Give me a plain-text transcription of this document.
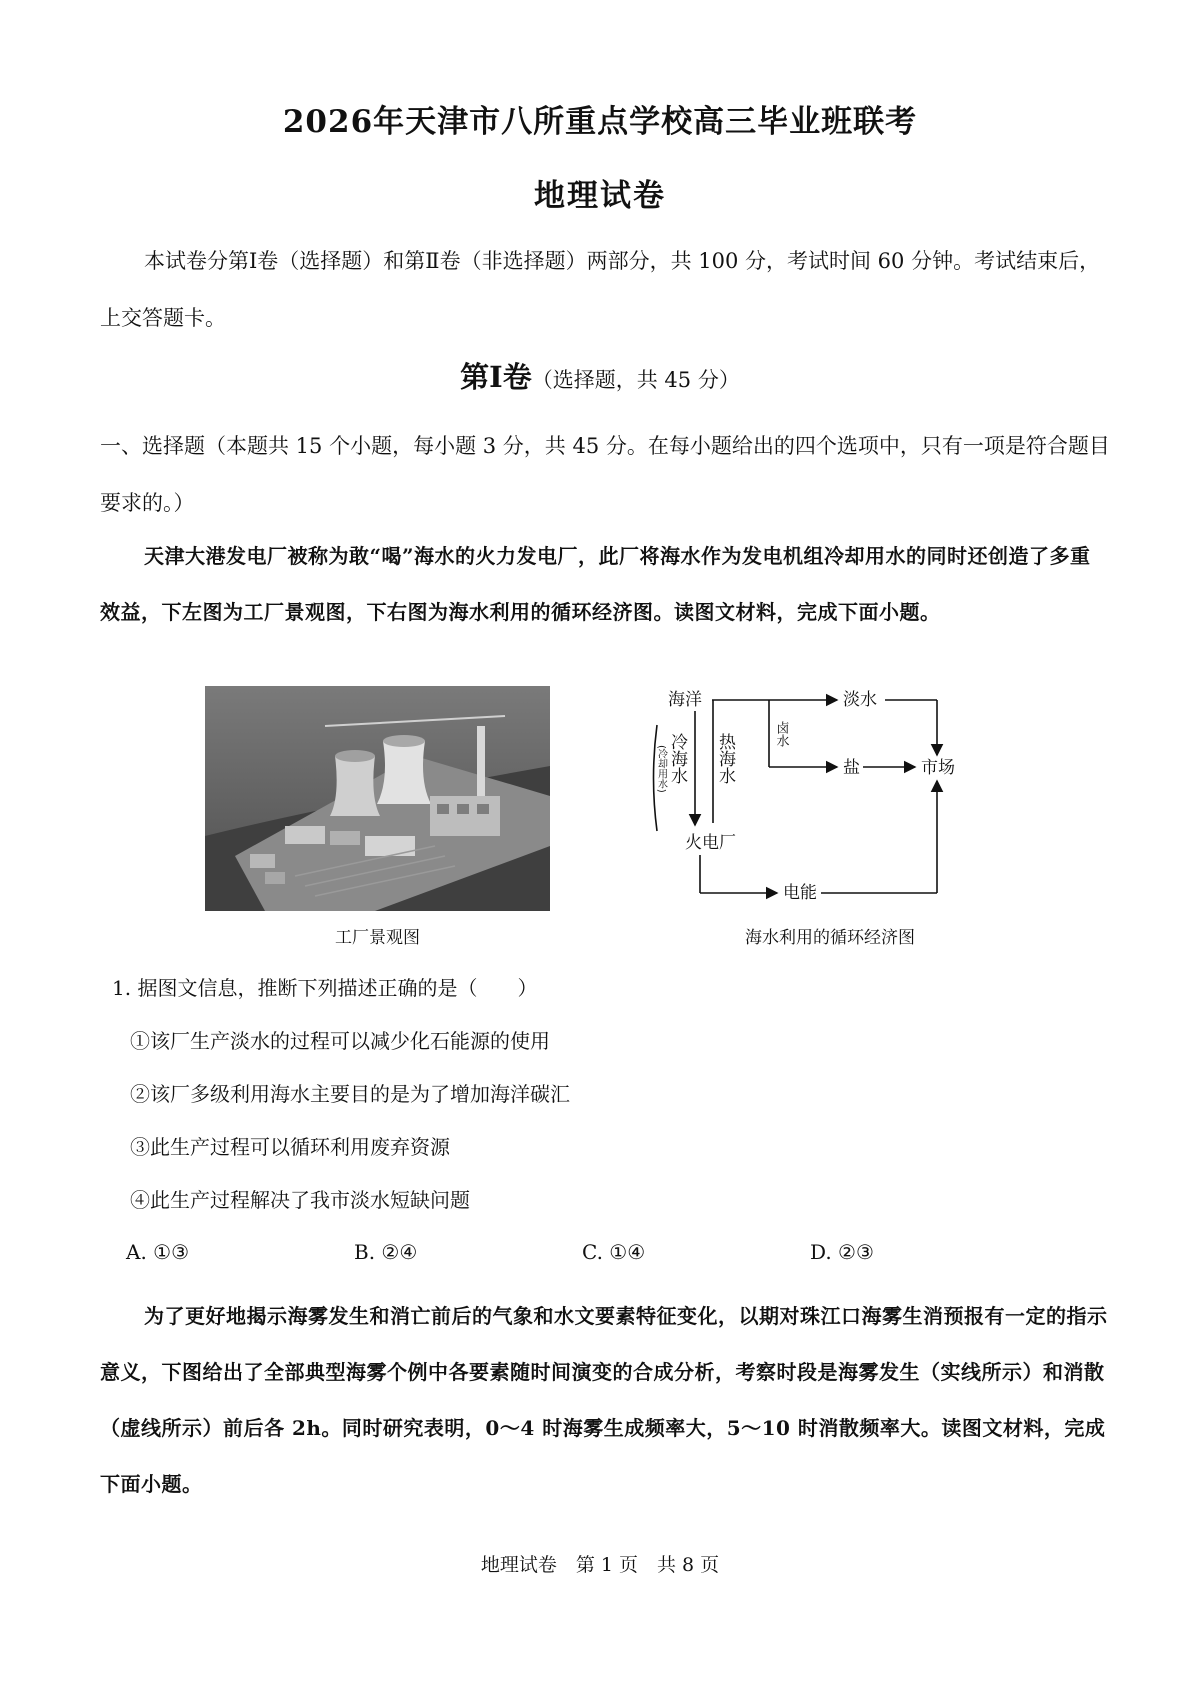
2026年天津市八所重点学校高三毕业班联考
地理试卷
本试卷分第Ⅰ卷（选择题）和第Ⅱ卷（非选择题）两部分，共 100 分，考试时间 60 分钟。考试结束后，上交答题卡。
第Ⅰ卷（选择题，共 45 分）
一、选择题（本题共 15 个小题，每小题 3 分，共 45 分。在每小题给出的四个选项中，只有一项是符合题目要求的。）
天津大港发电厂被称为敢“喝”海水的火力发电厂，此厂将海水作为发电机组冷却用水的同时还创造了多重效益，下左图为工厂景观图，下右图为海水利用的循环经济图。读图文材料，完成下面小题。
工厂景观图
海洋	淡水
盐	市场
火电厂
电能
(冷却用水) 冷海水 热海水	卤水
海水利用的循环经济图
1. 据图文信息，推断下列描述正确的是（　　）
①该厂生产淡水的过程可以减少化石能源的使用
②该厂多级利用海水主要目的是为了增加海洋碳汇
③此生产过程可以循环利用废弃资源
④此生产过程解决了我市淡水短缺问题
A. ①③	B. ②④	C. ①④	D. ②③
为了更好地揭示海雾发生和消亡前后的气象和水文要素特征变化，以期对珠江口海雾生消预报有一定的指示意义，下图给出了全部典型海雾个例中各要素随时间演变的合成分析，考察时段是海雾发生（实线所示）和消散（虚线所示）前后各 2h。同时研究表明，0～4 时海雾生成频率大，5～10 时消散频率大。读图文材料，完成下面小题。
地理试卷　第 1 页　共 8 页
